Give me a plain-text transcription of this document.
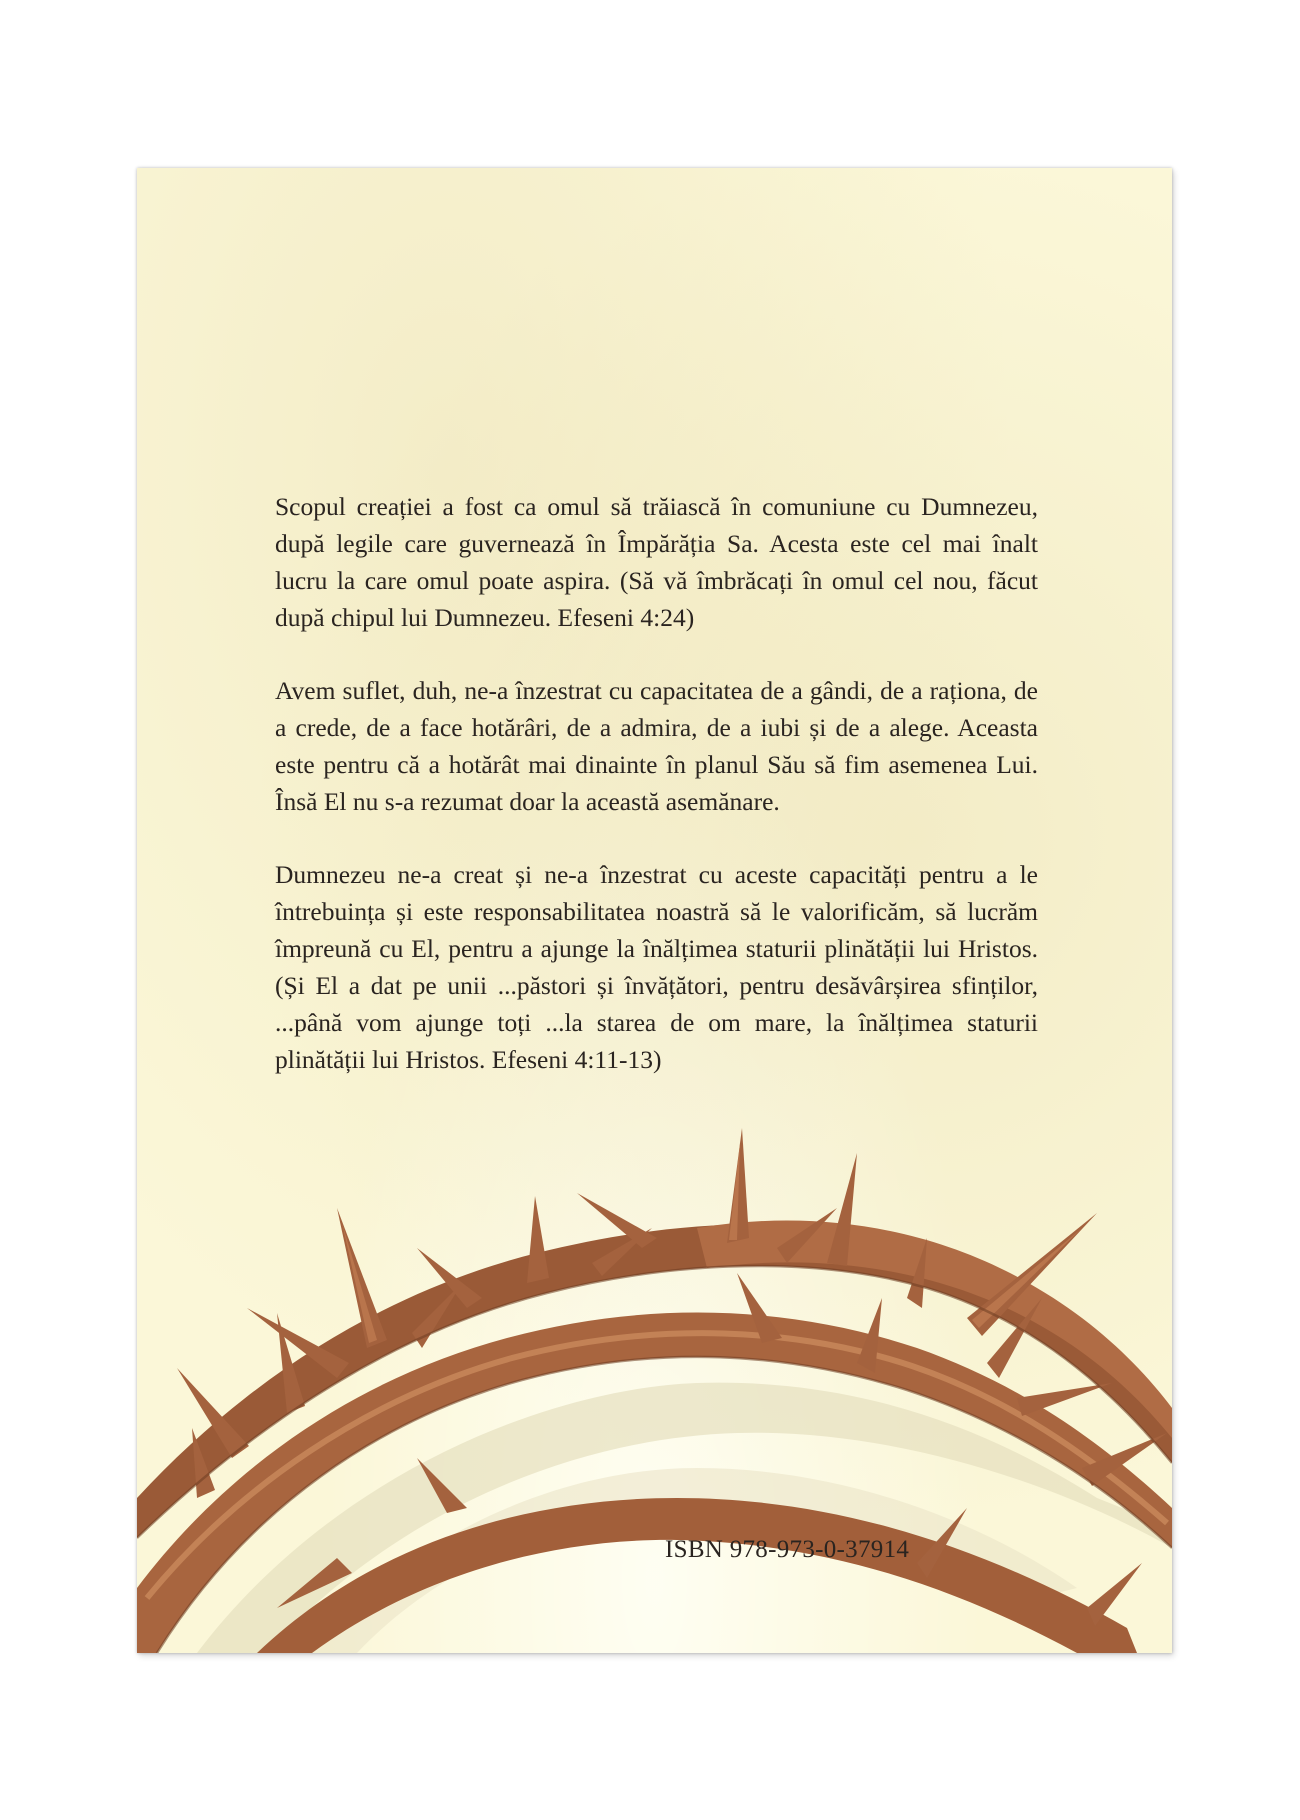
Scopul creației a fost ca omul să trăiască în comuniune cu Dumnezeu, după legile care guvernează în Împărăția Sa. Acesta este cel mai înalt lucru la care omul poate aspira. (Să vă îmbrăcați în omul cel nou, făcut după chipul lui Dumnezeu. Efeseni 4:24)

Avem suflet, duh, ne-a înzestrat cu capacitatea de a gândi, de a raționa, de a crede, de a face hotărâri, de a admira, de a iubi și de a alege. Aceasta este pentru că a hotărât mai dinainte în planul Său să fim asemenea Lui. Însă El nu s-a rezumat doar la această asemănare.

Dumnezeu ne-a creat și ne-a înzestrat cu aceste capacități pentru a le întrebuința și este responsabilitatea noastră să le valorificăm, să lucrăm împreună cu El, pentru a ajunge la înălțimea staturii plinătății lui Hristos. (Și El a dat pe unii ...păstori și învățători, pentru desăvârșirea sfinților, ...până vom ajunge toți ...la starea de om mare, la înălțimea staturii plinătății lui Hristos. Efeseni 4:11-13)

ISBN 978-973-0-37914
